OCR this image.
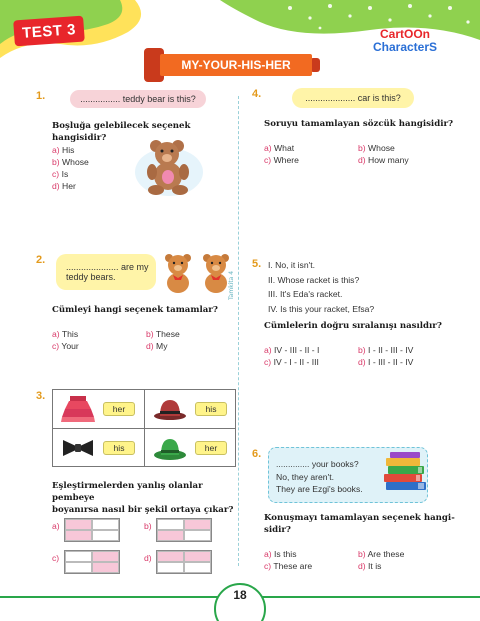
TEST 3	CartOOn
CharacterS
MY-YOUR-HIS-HER
Tamkita 4
1.	................ teddy bear is this?
Boşluğa gelebilecek seçenek hangisidir?
a) His
b) Whose
c) Is
d) Her
2.
..................... are my
teddy bears.
Cümleyi hangi seçenek tamamlar?
a) This	b) These
c) Your	d) My
3.
her	his
his	her
Eşleştirmelerden yanlış olanlar pembeye
boyanırsa nasıl bir şekil ortaya çıkar?
a)	b)
c)	d)
4.	.................... car is this?
Soruyu tamamlayan sözcük hangisidir?
a) What	b) Whose
c) Where	d) How many
5. I. No, it isn't.
II. Whose racket is this?
III. It's Eda's racket.
IV. Is this your racket, Efsa?
Cümlelerin doğru sıralanışı nasıldır?
a) IV - III - II - I	b) I - II - III - IV
c) IV - I - II - III	d) I - III - II - IV
6.
.............. your books?
No, they aren't.
They are Ezgi's books.
Konuşmayı tamamlayan seçenek hangi-
sidir?
a) Is this	b) Are these
c) These are	d) It is
18
